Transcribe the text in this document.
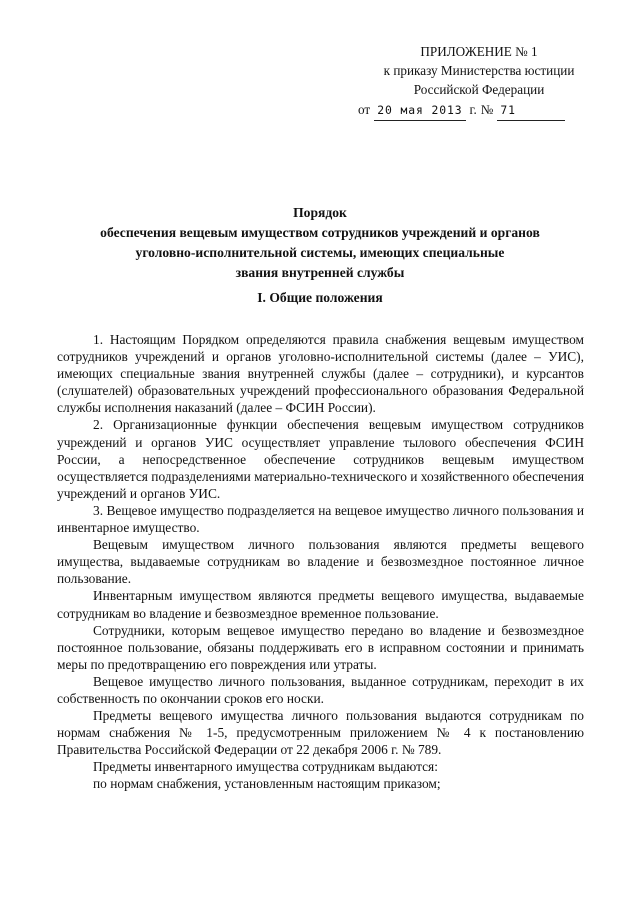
ПРИЛОЖЕНИЕ № 1
к приказу Министерства юстиции
Российской Федерации
от 20 мая 2013 г. № 71
Порядок
обеспечения вещевым имуществом сотрудников учреждений и органов
уголовно-исполнительной системы, имеющих специальные
звания внутренней службы
I. Общие положения

1. Настоящим Порядком определяются правила снабжения вещевым имуществом сотрудников учреждений и органов уголовно-исполнительной системы (далее – УИС), имеющих специальные звания внутренней службы (далее – сотрудники), и курсантов (слушателей) образовательных учреждений профессионального образования Федеральной службы исполнения наказаний (далее – ФСИН России).

2. Организационные функции обеспечения вещевым имуществом сотрудников учреждений и органов УИС осуществляет управление тылового обеспечения ФСИН России, а непосредственное обеспечение сотрудников вещевым имуществом осуществляется подразделениями материально-технического и хозяйственного обеспечения учреждений и органов УИС.

3. Вещевое имущество подразделяется на вещевое имущество личного пользования и инвентарное имущество.

Вещевым имуществом личного пользования являются предметы вещевого имущества, выдаваемые сотрудникам во владение и безвозмездное постоянное личное пользование.

Инвентарным имуществом являются предметы вещевого имущества, выдаваемые сотрудникам во владение и безвозмездное временное пользование.

Сотрудники, которым вещевое имущество передано во владение и безвозмездное постоянное пользование, обязаны поддерживать его в исправном состоянии и принимать меры по предотвращению его повреждения или утраты.

Вещевое имущество личного пользования, выданное сотрудникам, переходит в их собственность по окончании сроков его носки.

Предметы вещевого имущества личного пользования выдаются сотрудникам по нормам снабжения № 1-5, предусмотренным приложением № 4 к постановлению Правительства Российской Федерации от 22 декабря 2006 г. № 789.

Предметы инвентарного имущества сотрудникам выдаются:

по нормам снабжения, установленным настоящим приказом;
